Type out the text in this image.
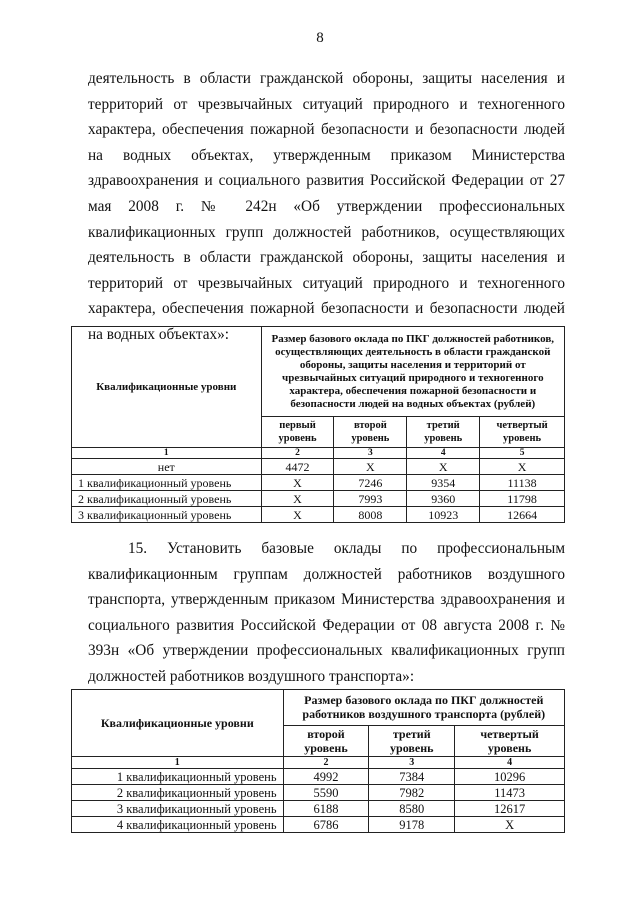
8
деятельность в области гражданской обороны, защиты населения и территорий от чрезвычайных ситуаций природного и техногенного характера, обеспечения пожарной безопасности и безопасности людей на водных объектах, утвержденным приказом Министерства здравоохранения и социального развития Российской Федерации от 27 мая 2008 г. № 242н «Об утверждении профессиональных квалификационных групп должностей работников, осуществляющих деятельность в области гражданской обороны, защиты населения и территорий от чрезвычайных ситуаций природного и техногенного характера, обеспечения пожарной безопасности и безопасности людей на водных объектах»:
Квалификационные уровни	Размер базового оклада по ПКГ должностей работников, осуществляющих деятельность в области гражданской обороны, защиты населения и территорий от чрезвычайных ситуаций природного и техногенного характера, обеспечения пожарной безопасности и безопасности людей на водных объектах (рублей)			
	первый уровень	второй уровень	третий уровень	четвертый уровень
1	2	3	4	5
нет	4472	X	X	X
1 квалификационный уровень	X	7246	9354	11138
2 квалификационный уровень	X	7993	9360	11798
3 квалификационный уровень	X	8008	10923	12664
15. Установить базовые оклады по профессиональным квалификационным группам должностей работников воздушного транспорта, утвержденным приказом Министерства здравоохранения и социального развития Российской Федерации от 08 августа 2008 г. № 393н «Об утверждении профессиональных квалификационных групп должностей работников воздушного транспорта»:
Квалификационные уровни	Размер базового оклада по ПКГ должностей работников воздушного транспорта (рублей)		
	второй уровень	третий уровень	четвертый уровень
1	2	3	4
1 квалификационный уровень	4992	7384	10296
2 квалификационный уровень	5590	7982	11473
3 квалификационный уровень	6188	8580	12617
4 квалификационный уровень	6786	9178	X
